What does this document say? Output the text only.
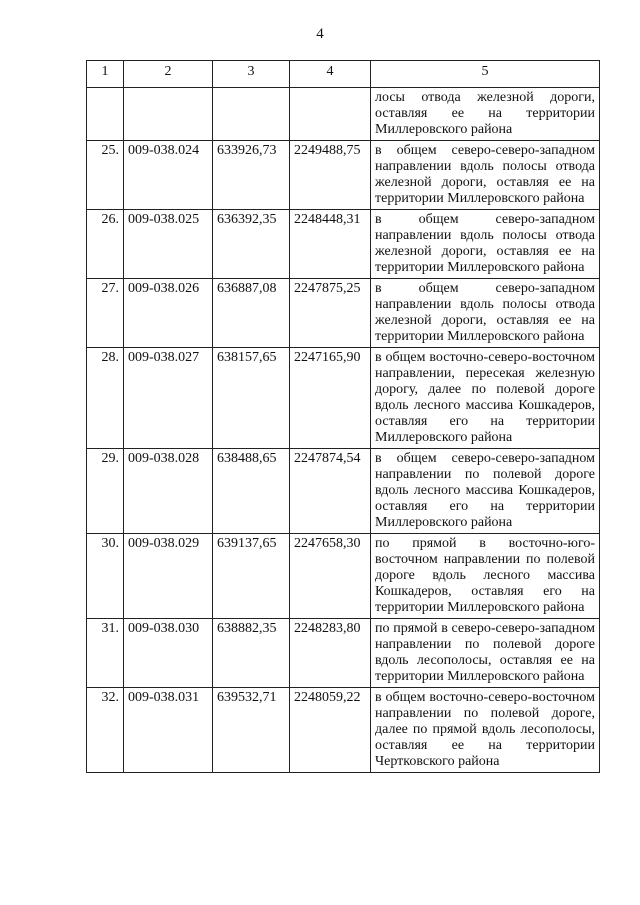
4
1	2	3	4	5
				лосы отвода железной дороги, оставляя ее на территории Миллеровского района
25.	009-038.024	633926,73	2249488,75	в общем северо-северо-западном направлении вдоль полосы отвода железной дороги, оставляя ее на территории Миллеровского района
26.	009-038.025	636392,35	2248448,31	в общем северо-западном направлении вдоль полосы отвода железной дороги, оставляя ее на территории Миллеровского района
27.	009-038.026	636887,08	2247875,25	в общем северо-западном направлении вдоль полосы отвода железной дороги, оставляя ее на территории Миллеровского района
28.	009-038.027	638157,65	2247165,90	в общем восточно-северо-восточном направлении, пересекая железную дорогу, далее по полевой дороге вдоль лесного массива Кошкадеров, оставляя его на территории Миллеровского района
29.	009-038.028	638488,65	2247874,54	в общем северо-северо-западном направлении по полевой дороге вдоль лесного массива Кошкадеров, оставляя его на территории Миллеровского района
30.	009-038.029	639137,65	2247658,30	по прямой в восточно-юго-восточном направлении по полевой дороге вдоль лесного массива Кошкадеров, оставляя его на территории Миллеровского района
31.	009-038.030	638882,35	2248283,80	по прямой в северо-северо-западном направлении по полевой дороге вдоль лесополосы, оставляя ее на территории Миллеровского района
32.	009-038.031	639532,71	2248059,22	в общем восточно-северо-восточном направлении по полевой дороге, далее по прямой вдоль лесополосы, оставляя ее на территории Чертковского района
